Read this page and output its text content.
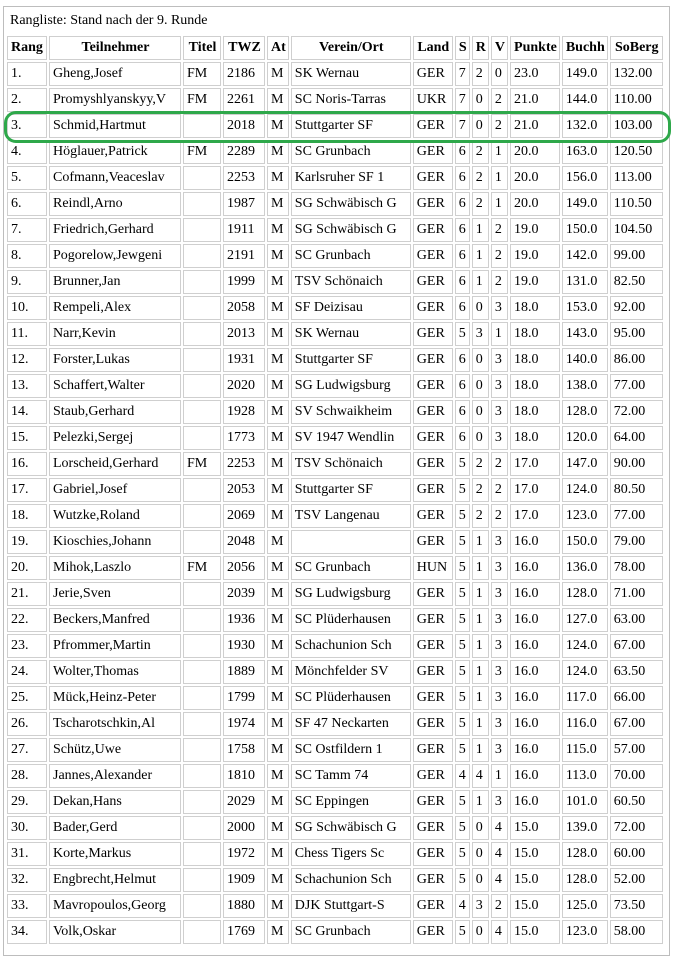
Rangliste: Stand nach der 9. Runde
Rang	Teilnehmer	Titel	TWZ	At	Verein/Ort	Land	S	R	V	Punkte	Buchh	SoBerg
1.	Gheng,Josef	FM	2186	M	SK Wernau	GER	7	2	0	23.0	149.0	132.00
2.	Promyshlyanskyy,V	FM	2261	M	SC Noris-Tarras	UKR	7	0	2	21.0	144.0	110.00
3.	Schmid,Hartmut		2018	M	Stuttgarter SF	GER	7	0	2	21.0	132.0	103.00
4.	Höglauer,Patrick	FM	2289	M	SC Grunbach	GER	6	2	1	20.0	163.0	120.50
5.	Cofmann,Veaceslav		2253	M	Karlsruher SF 1	GER	6	2	1	20.0	156.0	113.00
6.	Reindl,Arno		1987	M	SG Schwäbisch G	GER	6	2	1	20.0	149.0	110.50
7.	Friedrich,Gerhard		1911	M	SG Schwäbisch G	GER	6	1	2	19.0	150.0	104.50
8.	Pogorelow,Jewgeni		2191	M	SC Grunbach	GER	6	1	2	19.0	142.0	99.00
9.	Brunner,Jan		1999	M	TSV Schönaich	GER	6	1	2	19.0	131.0	82.50
10.	Rempeli,Alex		2058	M	SF Deizisau	GER	6	0	3	18.0	153.0	92.00
11.	Narr,Kevin		2013	M	SK Wernau	GER	5	3	1	18.0	143.0	95.00
12.	Forster,Lukas		1931	M	Stuttgarter SF	GER	6	0	3	18.0	140.0	86.00
13.	Schaffert,Walter		2020	M	SG Ludwigsburg	GER	6	0	3	18.0	138.0	77.00
14.	Staub,Gerhard		1928	M	SV Schwaikheim	GER	6	0	3	18.0	128.0	72.00
15.	Pelezki,Sergej		1773	M	SV 1947 Wendlin	GER	6	0	3	18.0	120.0	64.00
16.	Lorscheid,Gerhard	FM	2253	M	TSV Schönaich	GER	5	2	2	17.0	147.0	90.00
17.	Gabriel,Josef		2053	M	Stuttgarter SF	GER	5	2	2	17.0	124.0	80.50
18.	Wutzke,Roland		2069	M	TSV Langenau	GER	5	2	2	17.0	123.0	77.00
19.	Kioschies,Johann		2048	M		GER	5	1	3	16.0	150.0	79.00
20.	Mihok,Laszlo	FM	2056	M	SC Grunbach	HUN	5	1	3	16.0	136.0	78.00
21.	Jerie,Sven		2039	M	SG Ludwigsburg	GER	5	1	3	16.0	128.0	71.00
22.	Beckers,Manfred		1936	M	SC Plüderhausen	GER	5	1	3	16.0	127.0	63.00
23.	Pfrommer,Martin		1930	M	Schachunion Sch	GER	5	1	3	16.0	124.0	67.00
24.	Wolter,Thomas		1889	M	Mönchfelder SV	GER	5	1	3	16.0	124.0	63.50
25.	Mück,Heinz-Peter		1799	M	SC Plüderhausen	GER	5	1	3	16.0	117.0	66.00
26.	Tscharotschkin,Al		1974	M	SF 47 Neckarten	GER	5	1	3	16.0	116.0	67.00
27.	Schütz,Uwe		1758	M	SC Ostfildern 1	GER	5	1	3	16.0	115.0	57.00
28.	Jannes,Alexander		1810	M	SC Tamm 74	GER	4	4	1	16.0	113.0	70.00
29.	Dekan,Hans		2029	M	SC Eppingen	GER	5	1	3	16.0	101.0	60.50
30.	Bader,Gerd		2000	M	SG Schwäbisch G	GER	5	0	4	15.0	139.0	72.00
31.	Korte,Markus		1972	M	Chess Tigers Sc	GER	5	0	4	15.0	128.0	60.00
32.	Engbrecht,Helmut		1909	M	Schachunion Sch	GER	5	0	4	15.0	128.0	52.00
33.	Mavropoulos,Georg		1880	M	DJK Stuttgart-S	GER	4	3	2	15.0	125.0	73.50
34.	Volk,Oskar		1769	M	SC Grunbach	GER	5	0	4	15.0	123.0	58.00
